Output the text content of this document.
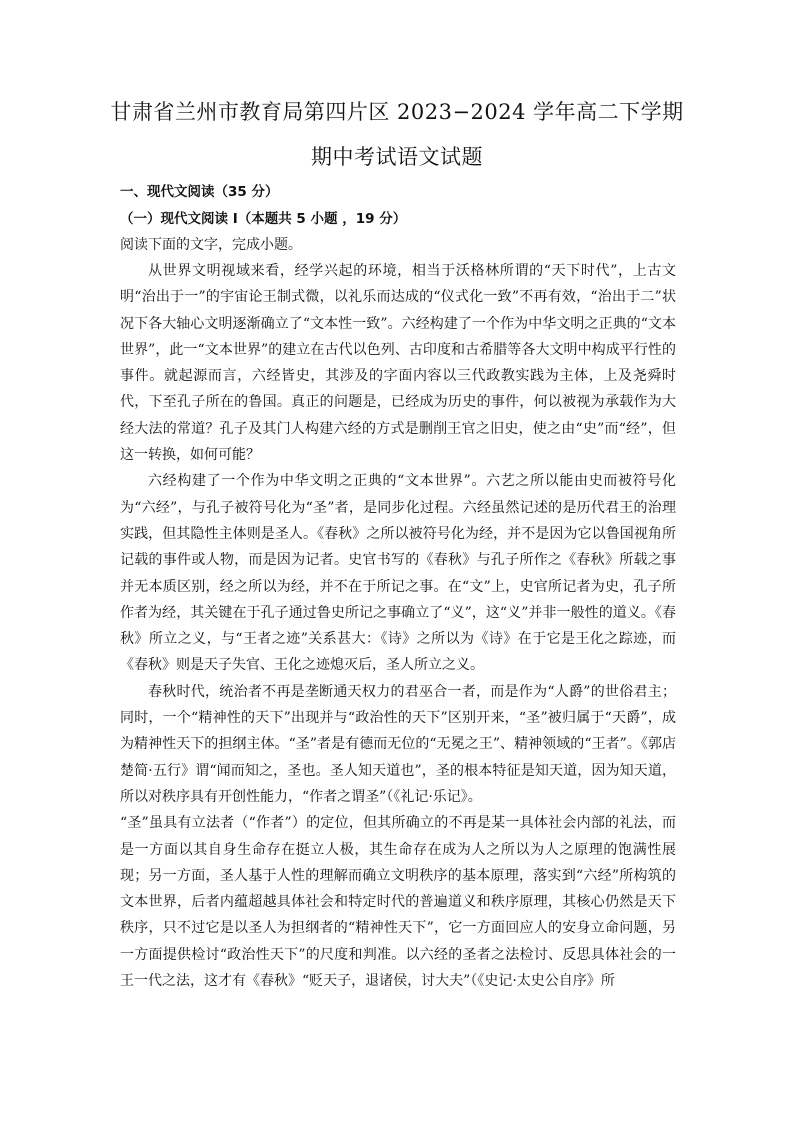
甘肃省兰州市教育局第四片区 2023−2024 学年高二下学期
期中考试语文试题
一、现代文阅读（35 分）
（一）现代文阅读 I（本题共 5 小题 ，19 分）
阅读下面的文字，完成小题。

从世界文明视域来看，经学兴起的环境，相当于沃格林所谓的“天下时代”，上古文明“治出于一”的宇宙论王制式微，以礼乐而达成的“仪式化一致”不再有效，“治出于二”状况下各大轴心文明逐渐确立了“文本性一致”。六经构建了一个作为中华文明之正典的“文本世界”，此一“文本世界”的建立在古代以色列、古印度和古希腊等各大文明中构成平行性的事件。就起源而言，六经皆史，其涉及的字面内容以三代政教实践为主体，上及尧舜时代，下至孔子所在的鲁国。真正的问题是，已经成为历史的事件，何以被视为承载作为大经大法的常道？孔子及其门人构建六经的方式是删削王官之旧史，使之由“史”而“经”，但这一转换，如何可能？

六经构建了一个作为中华文明之正典的“文本世界”。六艺之所以能由史而被符号化为“六经”，与孔子被符号化为“圣”者，是同步化过程。六经虽然记述的是历代君王的治理实践，但其隐性主体则是圣人。《春秋》之所以被符号化为经，并不是因为它以鲁国视角所记载的事件或人物，而是因为记者。史官书写的《春秋》与孔子所作之《春秋》所载之事并无本质区别，经之所以为经，并不在于所记之事。在“文”上，史官所记者为史，孔子所作者为经，其关键在于孔子通过鲁史所记之事确立了“义”，这“义”并非一般性的道义。《春秋》所立之义，与“王者之迹”关系甚大：《诗》之所以为《诗》在于它是王化之踪迹，而《春秋》则是天子失官、王化之迹熄灭后，圣人所立之义。

春秋时代，统治者不再是垄断通天权力的君巫合一者，而是作为“人爵”的世俗君主；同时，一个“精神性的天下”出现并与“政治性的天下”区别开来，“圣”被归属于“天爵”，成为精神性天下的担纲主体。“圣”者是有德而无位的“无冕之王”、精神领域的“王者”。《郭店楚简·五行》谓“闻而知之，圣也。圣人知天道也”，圣的根本特征是知天道，因为知天道，所以对秩序具有开创性能力，“作者之谓圣”（《礼记·乐记》。

“圣”虽具有立法者（“作者”）的定位，但其所确立的不再是某一具体社会内部的礼法，而是一方面以其自身生命存在挺立人极，其生命存在成为人之所以为人之原理的饱满性展现；另一方面，圣人基于人性的理解而确立文明秩序的基本原理，落实到“六经”所构筑的文本世界，后者内蕴超越具体社会和特定时代的普遍道义和秩序原理，其核心仍然是天下秩序，只不过它是以圣人为担纲者的“精神性天下”，它一方面回应人的安身立命问题，另一方面提供检讨“政治性天下”的尺度和判准。以六经的圣者之法检讨、反思具体社会的一王一代之法，这才有《春秋》“贬天子，退诸侯，讨大夫”（《史记·太史公自序》所
